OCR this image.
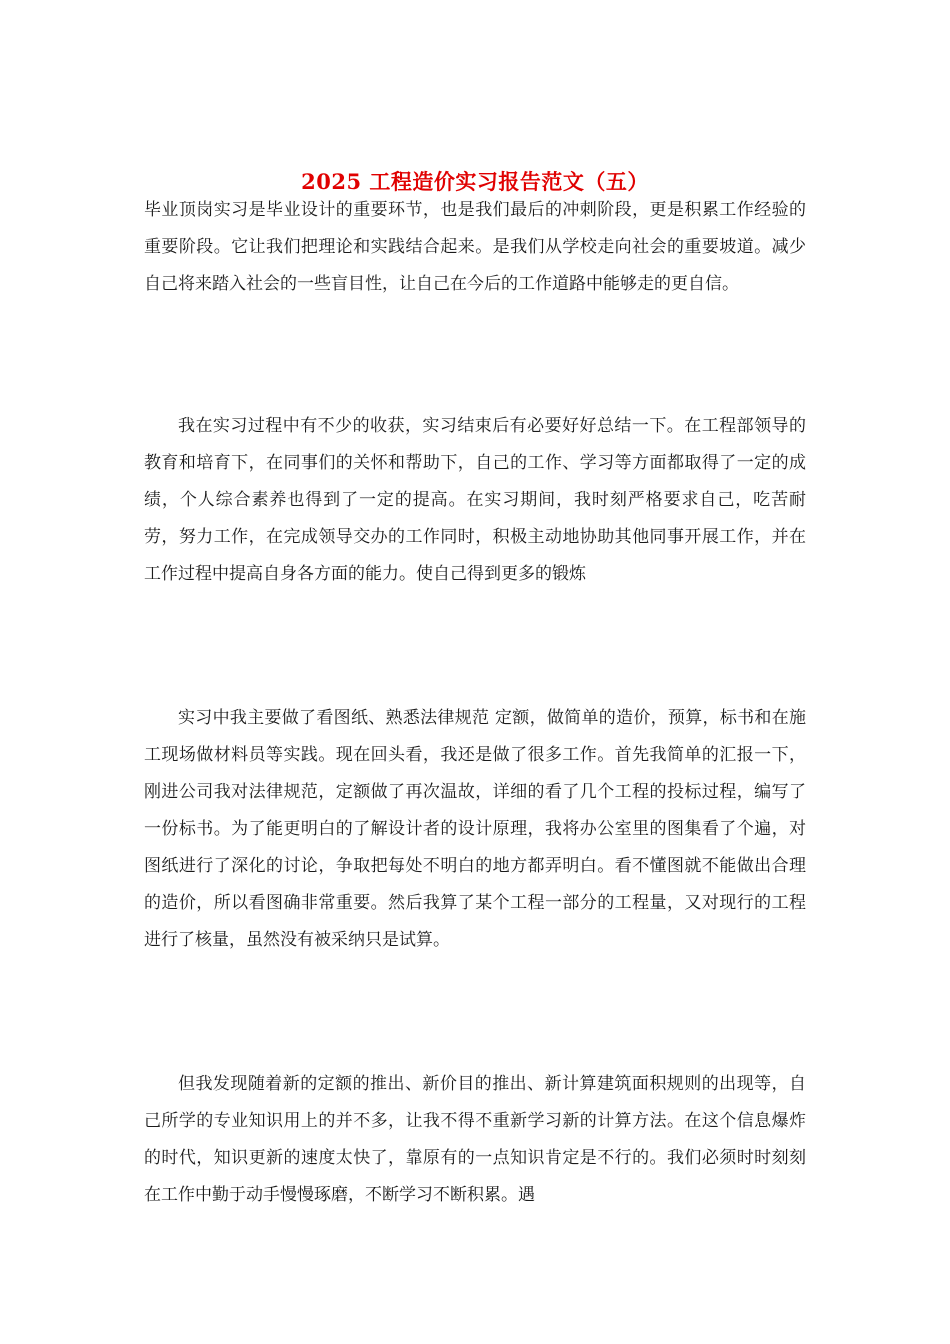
2025 工程造价实习报告范文（五）

毕业顶岗实习是毕业设计的重要环节，也是我们最后的冲刺阶段，更是积累工作经验的重要阶段。它让我们把理论和实践结合起来。是我们从学校走向社会的重要坡道。减少自己将来踏入社会的一些盲目性，让自己在今后的工作道路中能够走的更自信。

我在实习过程中有不少的收获，实习结束后有必要好好总结一下。在工程部领导的教育和培育下，在同事们的关怀和帮助下，自己的工作、学习等方面都取得了一定的成绩，个人综合素养也得到了一定的提高。在实习期间，我时刻严格要求自己，吃苦耐劳，努力工作，在完成领导交办的工作同时，积极主动地协助其他同事开展工作，并在工作过程中提高自身各方面的能力。使自己得到更多的锻炼

实习中我主要做了看图纸、熟悉法律规范 定额，做简单的造价，预算，标书和在施工现场做材料员等实践。现在回头看，我还是做了很多工作。首先我简单的汇报一下，刚进公司我对法律规范，定额做了再次温故，详细的看了几个工程的投标过程，编写了一份标书。为了能更明白的了解设计者的设计原理，我将办公室里的图集看了个遍，对图纸进行了深化的讨论，争取把每处不明白的地方都弄明白。看不懂图就不能做出合理的造价，所以看图确非常重要。然后我算了某个工程一部分的工程量，又对现行的工程进行了核量，虽然没有被采纳只是试算。

但我发现随着新的定额的推出、新价目的推出、新计算建筑面积规则的出现等，自己所学的专业知识用上的并不多，让我不得不重新学习新的计算方法。在这个信息爆炸的时代，知识更新的速度太快了，靠原有的一点知识肯定是不行的。我们必须时时刻刻在工作中勤于动手慢慢琢磨，不断学习不断积累。遇
